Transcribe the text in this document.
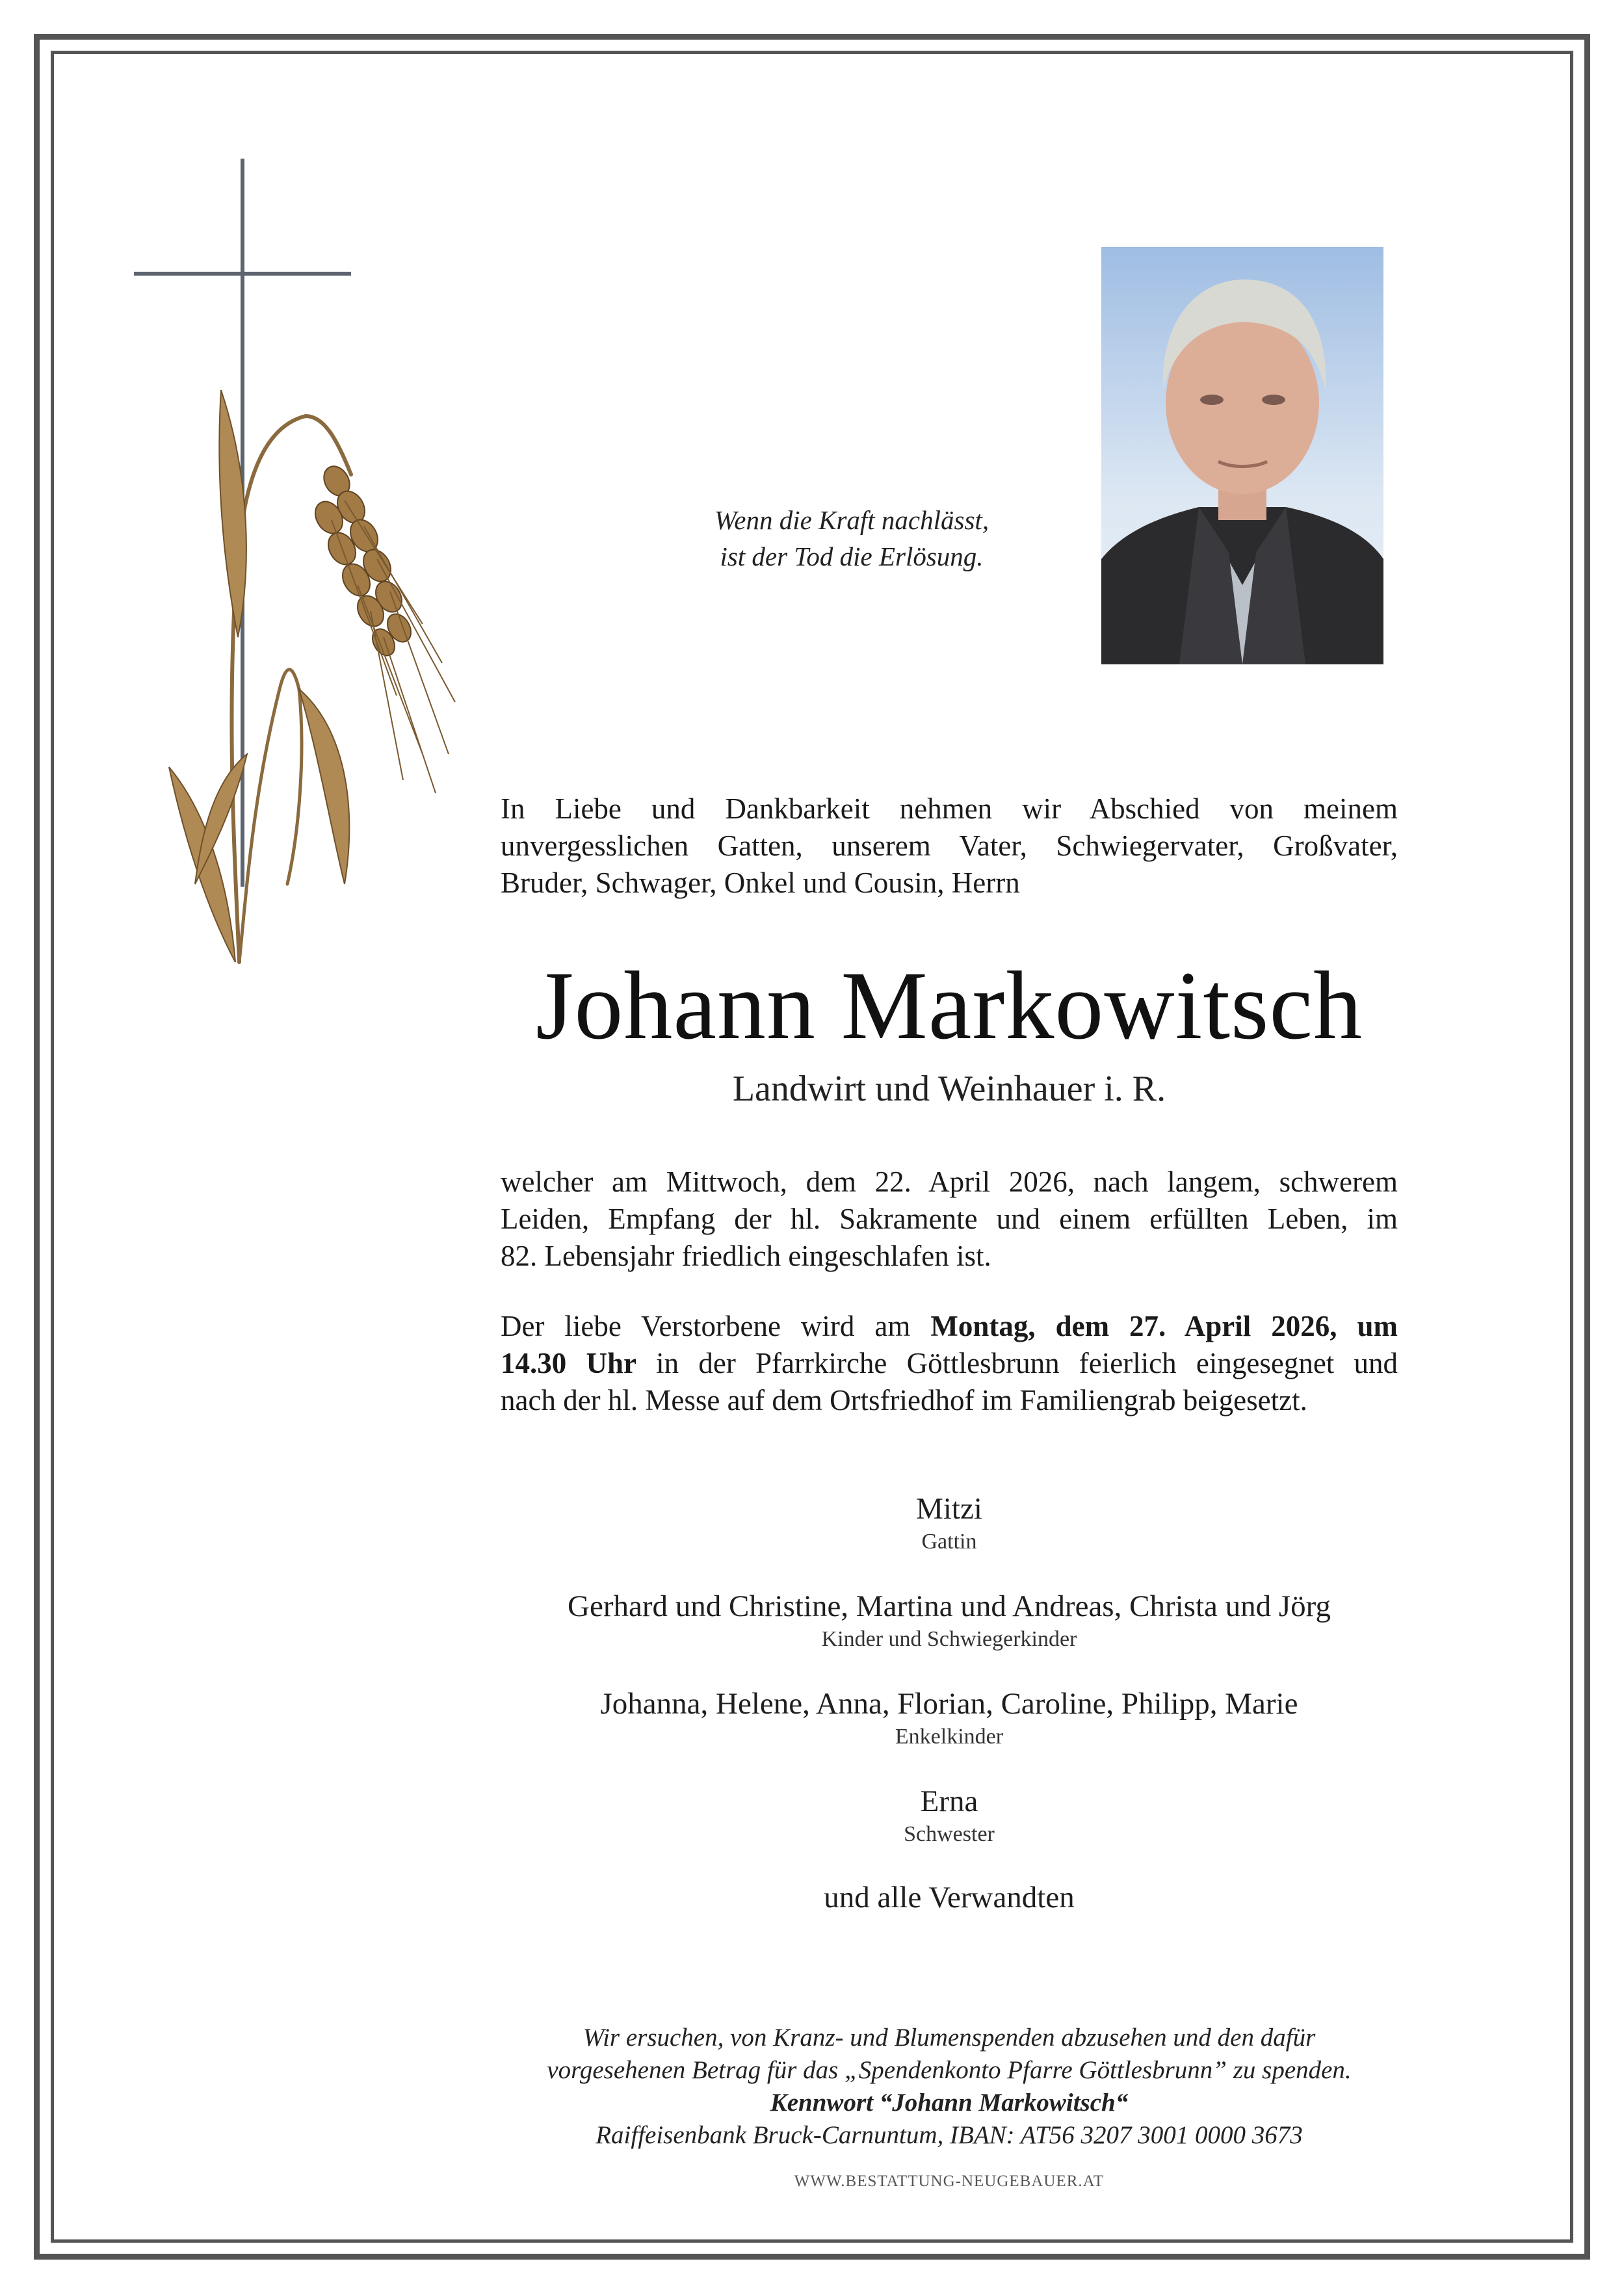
Wenn die Kraft nachlässt,
ist der Tod die Erlösung.
In Liebe und Dankbarkeit nehmen wir Abschied von meinem
unvergesslichen Gatten, unserem Vater, Schwiegervater, Großvater,
Bruder, Schwager, Onkel und Cousin, Herrn
Johann Markowitsch
Landwirt und Weinhauer i. R.
welcher am Mittwoch, dem 22. April 2026, nach langem, schwerem
Leiden, Empfang der hl. Sakramente und einem erfüllten Leben, im
82. Lebensjahr friedlich eingeschlafen ist.
Der liebe Verstorbene wird am Montag, dem 27. April 2026, um
14.30 Uhr in der Pfarrkirche Göttlesbrunn feierlich eingesegnet und
nach der hl. Messe auf dem Ortsfriedhof im Familiengrab beigesetzt.
Mitzi
Gattin
Gerhard und Christine, Martina und Andreas, Christa und Jörg
Kinder und Schwiegerkinder
Johanna, Helene, Anna, Florian, Caroline, Philipp, Marie
Enkelkinder
Erna
Schwester
und alle Verwandten
Wir ersuchen, von Kranz- und Blumenspenden abzusehen und den dafür
vorgesehenen Betrag für das „Spendenkonto Pfarre Göttlesbrunn” zu spenden.
Kennwort “Johann Markowitsch“
Raiffeisenbank Bruck-Carnuntum, IBAN: AT56 3207 3001 0000 3673
WWW.BESTATTUNG-NEUGEBAUER.AT
